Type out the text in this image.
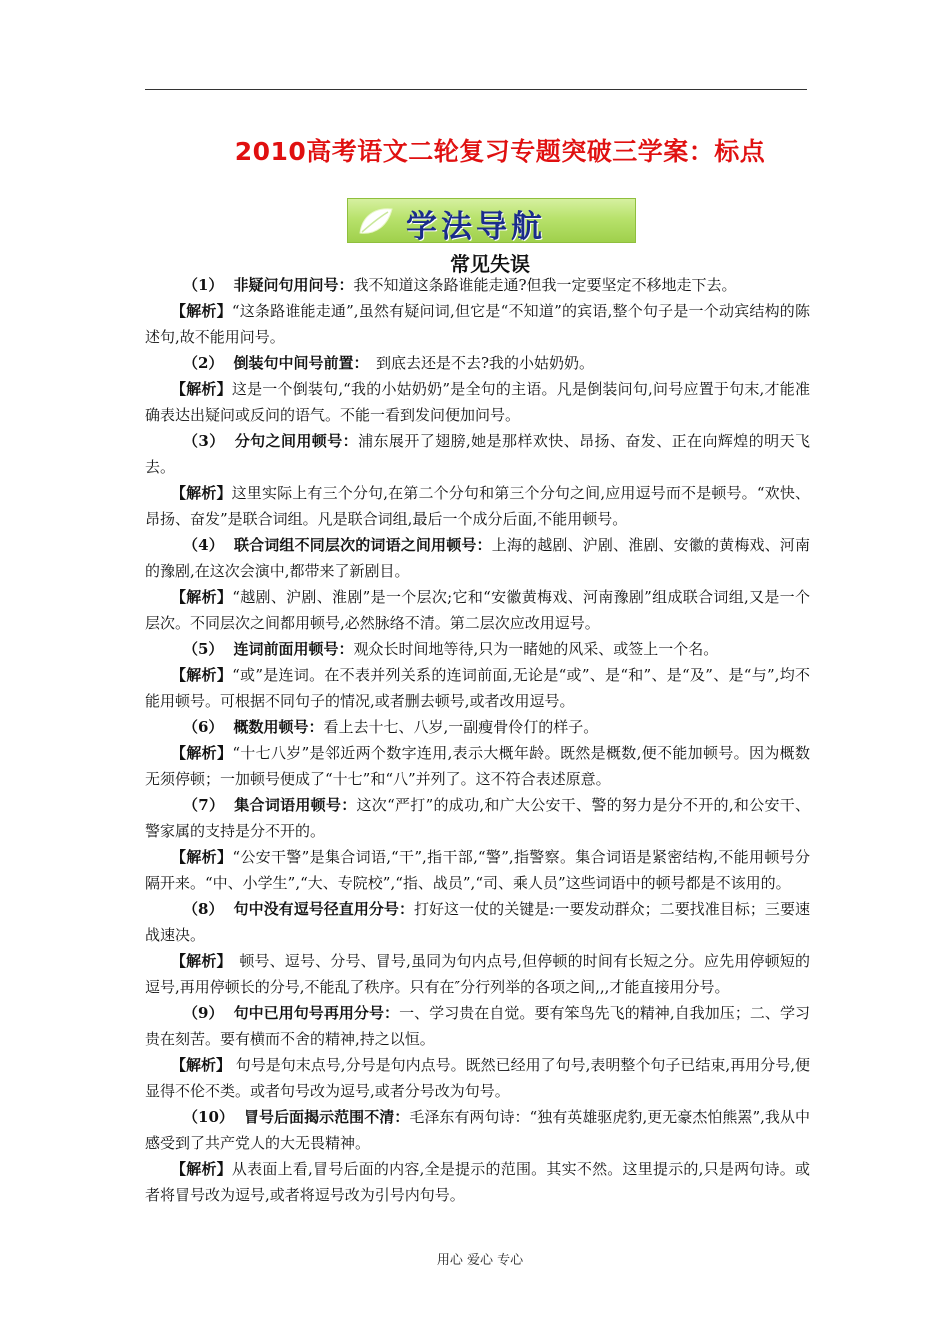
2010高考语文二轮复习专题突破三学案：标点
学法导航
常见失误

（1） 非疑问句用问号：我不知道这条路谁能走通?但我一定要坚定不移地走下去。

【解析】“这条路谁能走通”,虽然有疑问词,但它是“不知道”的宾语,整个句子是一个动宾结构的陈述句,故不能用问号。

（2） 倒装句中间号前置：　到底去还是不去?我的小姑奶奶。

【解析】这是一个倒装句,“我的小姑奶奶”是全句的主语。凡是倒装问句,问号应置于句末,才能准确表达出疑问或反问的语气。不能一看到发问便加问号。

（3） 分句之间用顿号：浦东展开了翅膀,她是那样欢快、昂扬、奋发、正在向辉煌的明天飞去。

【解析】这里实际上有三个分句,在第二个分句和第三个分句之间,应用逗号而不是顿号。“欢快、昂扬、奋发”是联合词组。凡是联合词组,最后一个成分后面,不能用顿号。

（4） 联合词组不同层次的词语之间用顿号：上海的越剧、沪剧、淮剧、安徽的黄梅戏、河南的豫剧,在这次会演中,都带来了新剧目。

【解析】“越剧、沪剧、淮剧”是一个层次;它和“安徽黄梅戏、河南豫剧”组成联合词组,又是一个层次。不同层次之间都用顿号,必然脉络不清。第二层次应改用逗号。

（5） 连词前面用顿号：观众长时间地等待,只为一睹她的风采、或签上一个名。

【解析】“或”是连词。在不表并列关系的连词前面,无论是“或”、是“和”、是“及”、是“与”,均不能用顿号。可根据不同句子的情况,或者删去顿号,或者改用逗号。

（6） 概数用顿号：看上去十七、八岁,一副瘦骨伶仃的样子。

【解析】“十七八岁”是邻近两个数字连用,表示大概年龄。既然是概数,便不能加顿号。因为概数无须停顿；一加顿号便成了“十七”和“八”并列了。这不符合表述原意。

（7） 集合词语用顿号：这次“严打”的成功,和广大公安干、警的努力是分不开的,和公安干、警家属的支持是分不开的。

【解析】“公安干警”是集合词语,“干”,指干部,“警”,指警察。集合词语是紧密结构,不能用顿号分隔开来。“中、小学生”,“大、专院校”,“指、战员”,“司、乘人员”这些词语中的顿号都是不该用的。

（8） 句中没有逗号径直用分号：打好这一仗的关键是:一要发动群众；二要找准目标；三要速战速决。

【解析】　顿号、逗号、分号、冒号,虽同为句内点号,但停顿的时间有长短之分。应先用停顿短的逗号,再用停顿长的分号,不能乱了秩序。只有在″分行列举的各项之间,,,才能直接用分号。

（9） 句中已用句号再用分号：一、学习贵在自觉。要有笨鸟先飞的精神,自我加压；二、学习贵在刻苦。要有横而不舍的精神,持之以恒。

【解析】 句号是句末点号,分号是句内点号。既然已经用了句号,表明整个句子已结束,再用分号,便显得不伦不类。或者句号改为逗号,或者分号改为句号。

（10） 冒号后面揭示范围不清：毛泽东有两句诗：“独有英雄驱虎豹,更无豪杰怕熊罴”,我从中感受到了共产党人的大无畏精神。

【解析】从表面上看,冒号后面的内容,全是提示的范围。其实不然。这里提示的,只是两句诗。或者将冒号改为逗号,或者将逗号改为引号内句号。

用心 爱心 专心
